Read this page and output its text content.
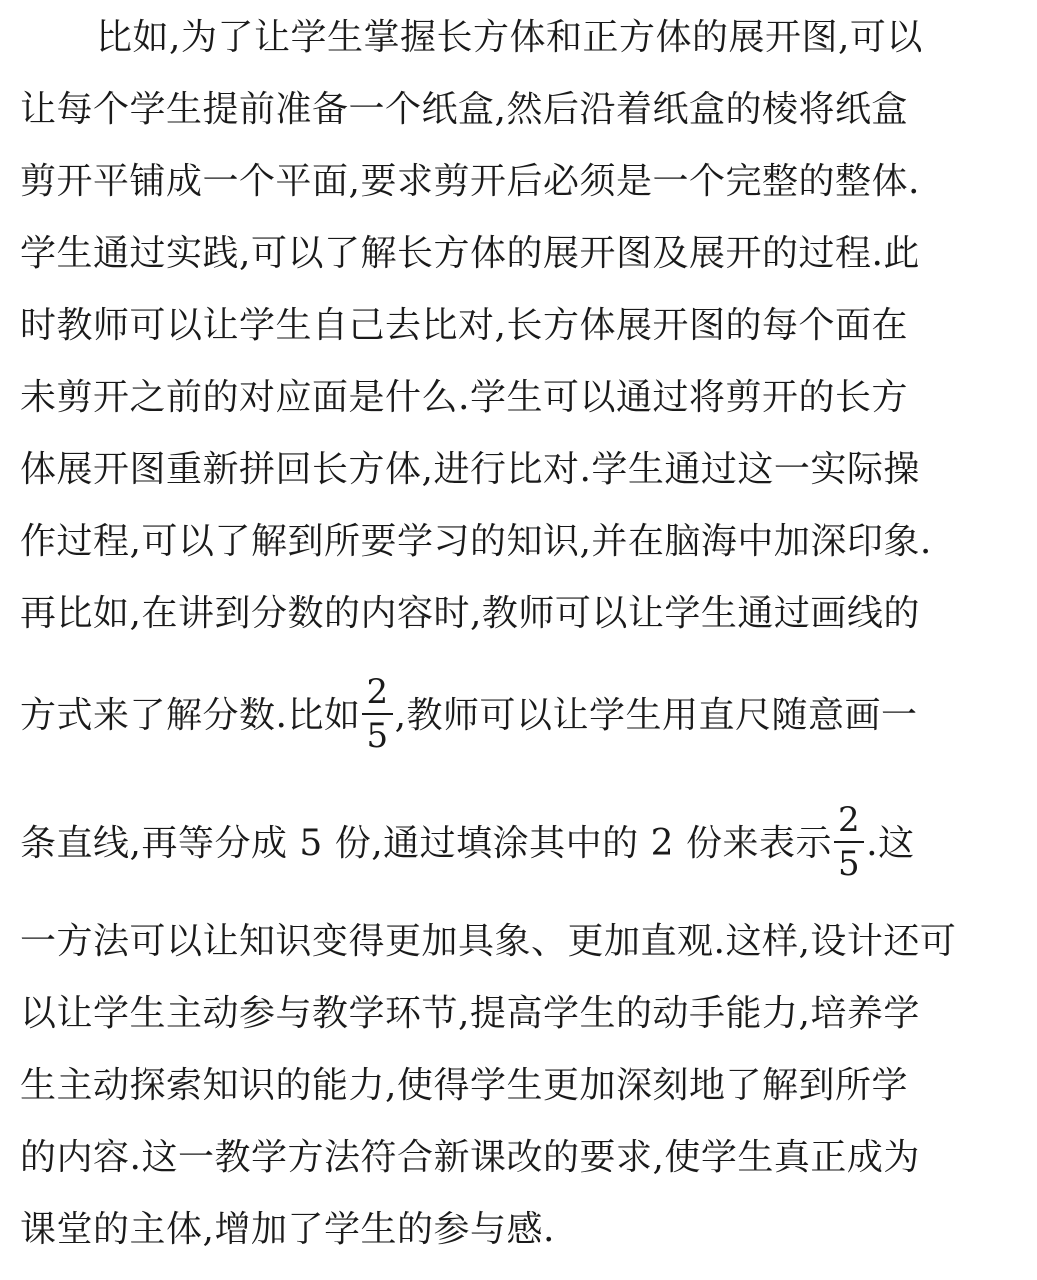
比如,为了让学生掌握长方体和正方体的展开图,可以
让每个学生提前准备一个纸盒,然后沿着纸盒的棱将纸盒
剪开平铺成一个平面,要求剪开后必须是一个完整的整体.
学生通过实践,可以了解长方体的展开图及展开的过程.此
时教师可以让学生自己去比对,长方体展开图的每个面在
未剪开之前的对应面是什么.学生可以通过将剪开的长方
体展开图重新拼回长方体,进行比对.学生通过这一实际操
作过程,可以了解到所要学习的知识,并在脑海中加深印象.
再比如,在讲到分数的内容时,教师可以让学生通过画线的
方式来了解分数.比如 $\frac{2}{5}$ ,教师可以让学生用直尺随意画一
条直线,再等分成 5 份,通过填涂其中的 2 份来表示 $\frac{2}{5}$ .这
一方法可以让知识变得更加具象、更加直观.这样,设计还可
以让学生主动参与教学环节,提高学生的动手能力,培养学
生主动探索知识的能力,使得学生更加深刻地了解到所学
的内容.这一教学方法符合新课改的要求,使学生真正成为
课堂的主体,增加了学生的参与感.
